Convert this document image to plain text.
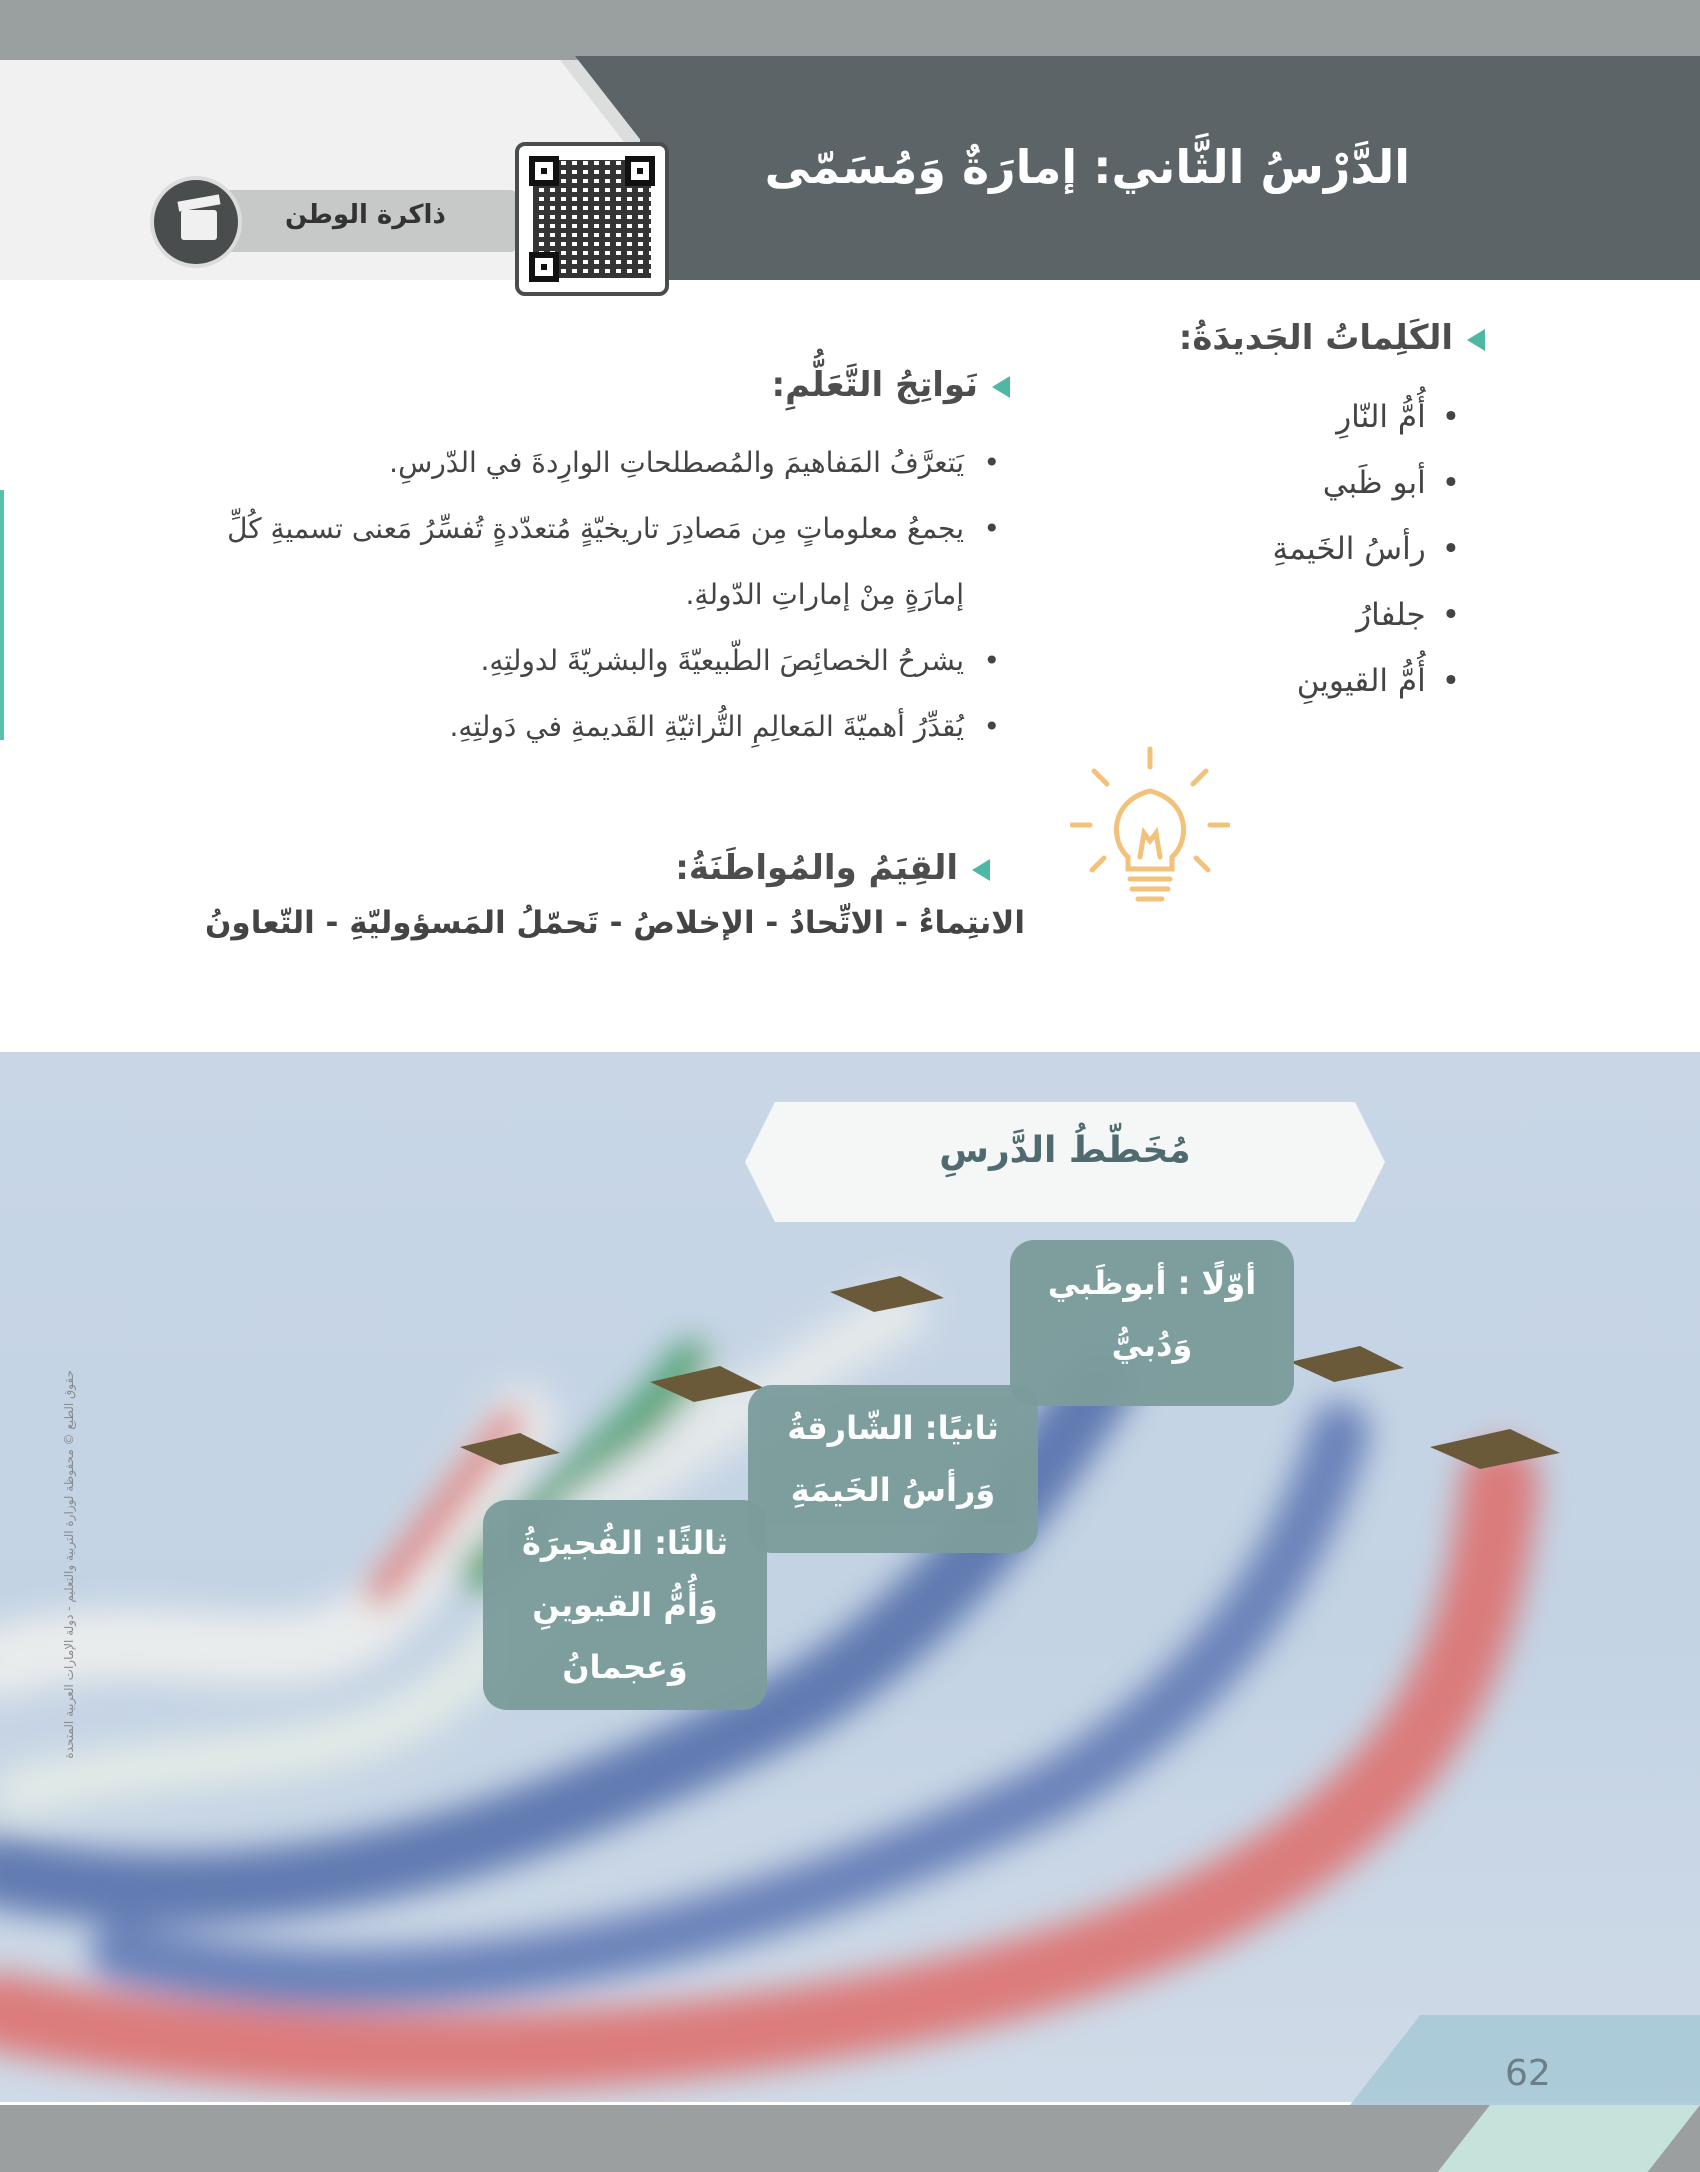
الدَّرْسُ الثَّاني: إمارَةٌ وَمُسَمّى
ذاكرة الوطن
الكَلِماتُ الجَديدَةُ:
• أُمُّ النّارِ
• أبو ظَبي
• رأسُ الخَيمةِ
• جلفارُ
• أُمُّ القيوينِ
نَواتِجُ التَّعَلُّمِ:
• يَتعرَّفُ المَفاهيمَ والمُصطلحاتِ الوارِدةَ في الدّرسِ.
• يجمعُ معلوماتٍ مِن مَصادِرَ تاريخيّةٍ مُتعدّدةٍ تُفسِّرُ مَعنى تسميةِ كُلِّ إمارَةٍ مِنْ إماراتِ الدّولةِ.
• يشرحُ الخصائِصَ الطّبيعيّةَ والبشريّةَ لدولتِهِ.
• يُقدِّرُ أهميّةَ المَعالِمِ التُّراثيّةِ القَديمةِ في دَولتِهِ.
القِيَمُ والمُواطَنَةُ:
الانتِماءُ - الاتِّحادُ - الإخلاصُ - تَحمّلُ المَسؤوليّةِ - التّعاونُ
مُخَطّطُ الدَّرسِ
أوّلًا : أبوظَبي
وَدُبيُّ
ثانيًا: الشّارقةُ
وَرأسُ الخَيمَةِ
ثالثًا: الفُجيرَةُ
وَأُمُّ القيوينِ
وَعجمانُ
حقوق الطبع © محفوظة لوزارة التربية والتعليم - دولة الإمارات العربية المتحدة
62
